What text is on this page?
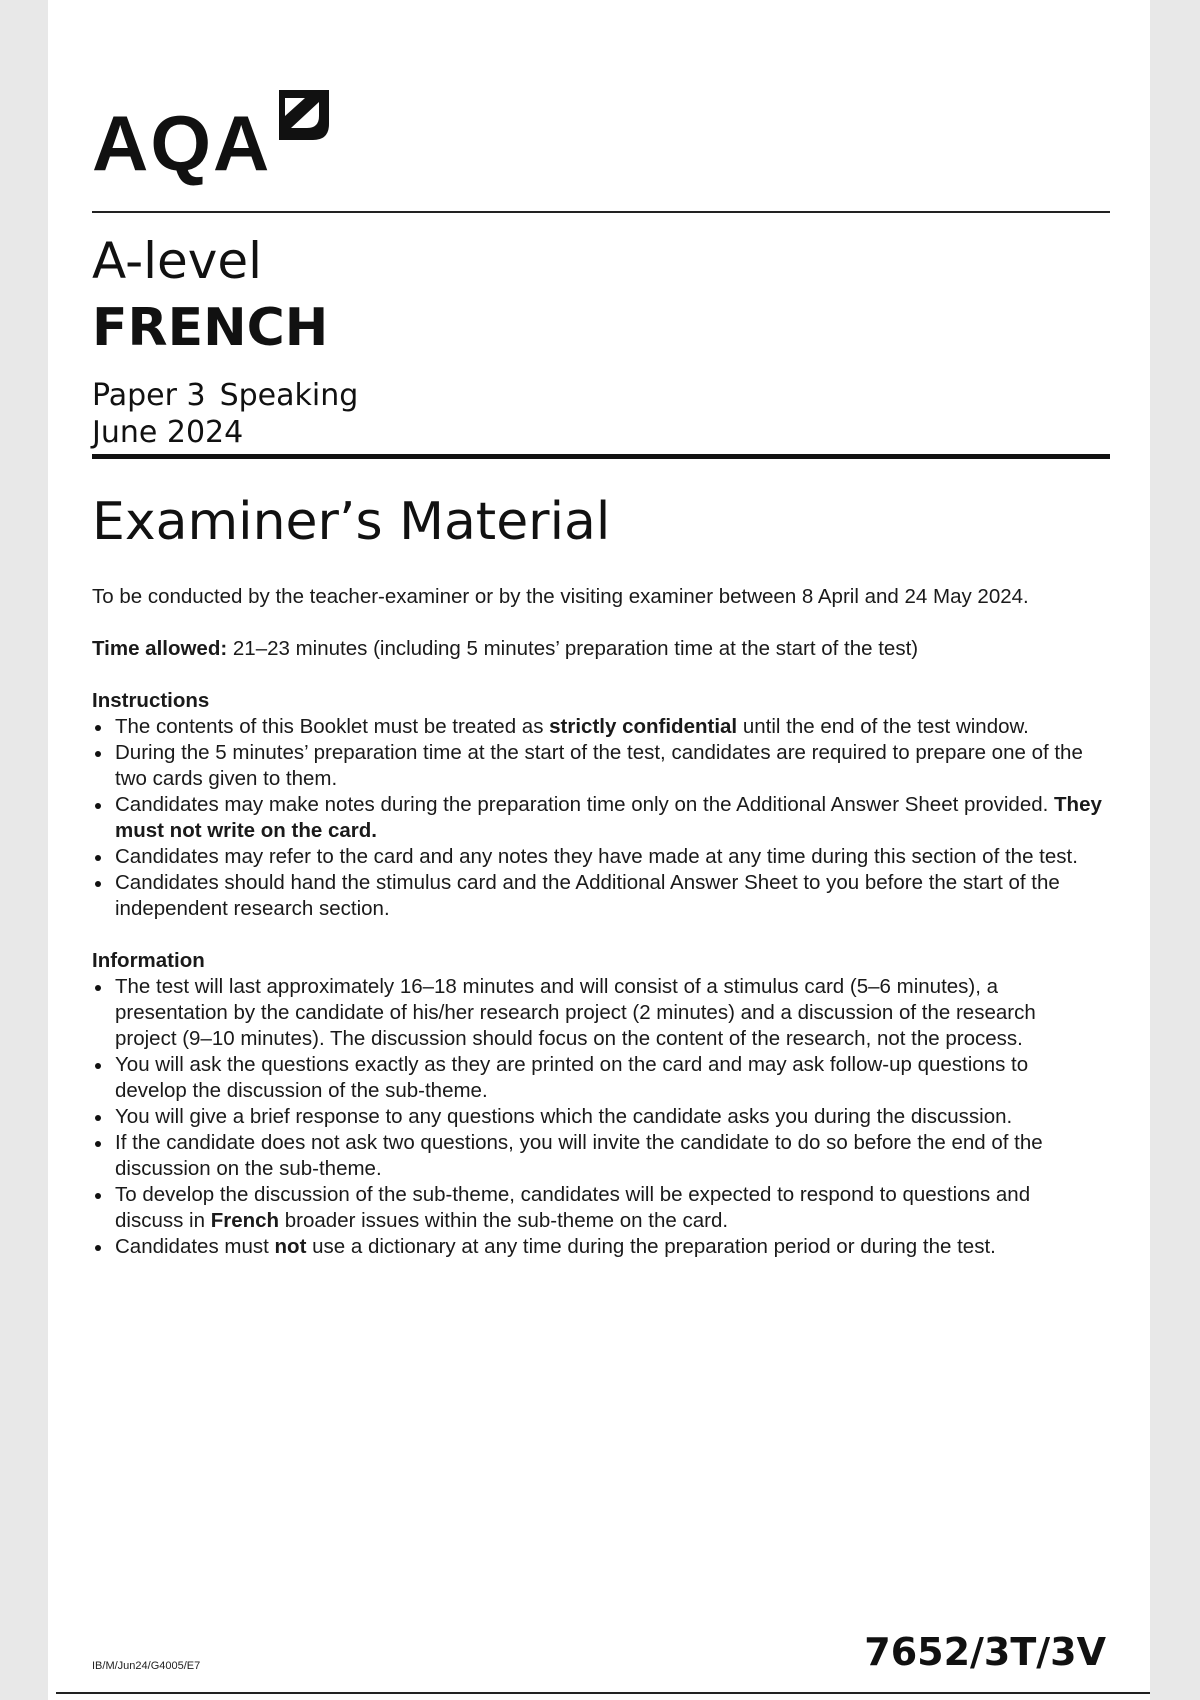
AQA
A-level
FRENCH
Paper 3 Speaking
June 2024
Examiner’s Material

To be conducted by the teacher-examiner or by the visiting examiner between 8 April and 24 May 2024.

Time allowed: 21–23 minutes (including 5 minutes’ preparation time at the start of the test)

Instructions

The contents of this Booklet must be treated as strictly confidential until the end of the test window.
During the 5 minutes’ preparation time at the start of the test, candidates are required to prepare one of the two cards given to them.
Candidates may make notes during the preparation time only on the Additional Answer Sheet provided. They must not write on the card.
Candidates may refer to the card and any notes they have made at any time during this section of the test.
Candidates should hand the stimulus card and the Additional Answer Sheet to you before the start of the independent research section.

Information

The test will last approximately 16–18 minutes and will consist of a stimulus card (5–6 minutes), a presentation by the candidate of his/her research project (2 minutes) and a discussion of the research project (9–10 minutes). The discussion should focus on the content of the research, not the process.
You will ask the questions exactly as they are printed on the card and may ask follow-up questions to develop the discussion of the sub-theme.
You will give a brief response to any questions which the candidate asks you during the discussion.
If the candidate does not ask two questions, you will invite the candidate to do so before the end of the discussion on the sub-theme.
To develop the discussion of the sub-theme, candidates will be expected to respond to questions and discuss in French broader issues within the sub-theme on the card.
Candidates must not use a dictionary at any time during the preparation period or during the test.
IB/M/Jun24/G4005/E7	7652/3T/3V
